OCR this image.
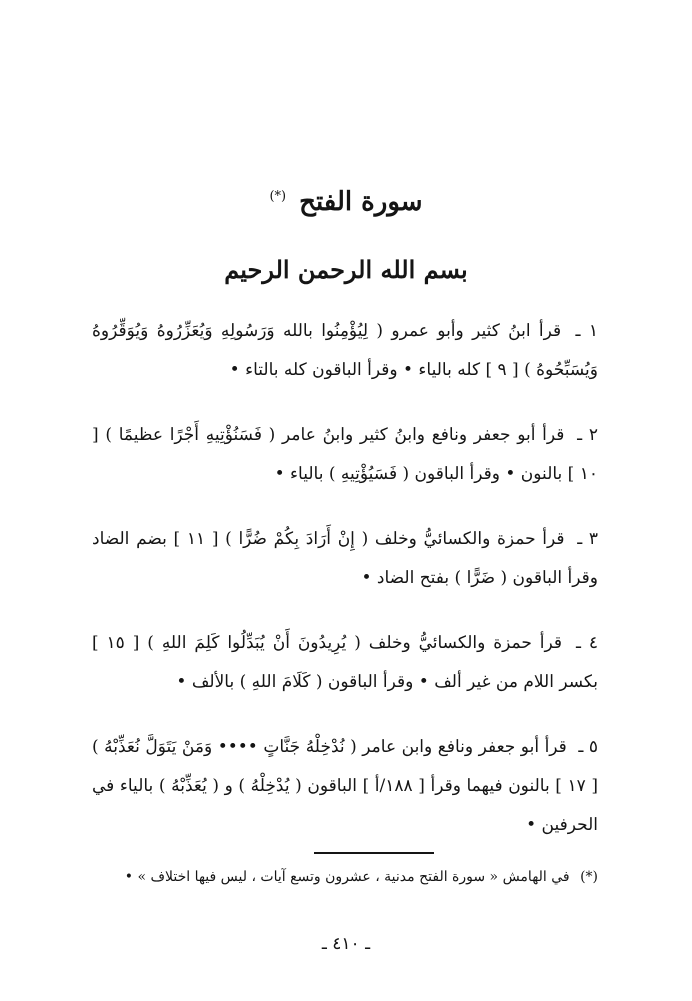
سورة الفتح (*)
بسم الله الرحمن الرحيم

١ ـ قرأ ابنُ كثير وأبو عمرو ( لِيُؤْمِنُوا بالله وَرَسُولِهِ وَيُعَزِّرُوهُ وَيُوَقِّرُوهُ وَيُسَبِّحُوهُ ) [ ٩ ] كله بالياء • وقرأ الباقون كله بالتاء •

٢ ـ قرأ أبو جعفر ونافع وابنُ كثير وابنُ عامر ( فَسَنُؤْتِيهِ أَجْرًا عظيمًا ) [ ١٠ ] بالنون • وقرأ الباقون ( فَسَيُؤْتِيهِ ) بالياء •

٣ ـ قرأ حمزة والكسائيُّ وخلف ( إِنْ أَرَادَ بِكُمْ ضُرًّا ) [ ١١ ] بضم الضاد وقرأ الباقون ( ضَرًّا ) بفتح الضاد •

٤ ـ قرأ حمزة والكسائيُّ وخلف ( يُرِيدُونَ أَنْ يُبَدِّلُوا كَلِمَ اللهِ ) [ ١٥ ] بكسر اللام من غير ألف • وقرأ الباقون ( كَلَامَ اللهِ ) بالألف •

٥ ـ قرأ أبو جعفر ونافع وابن عامر ( نُدْخِلْهُ جَنَّاتٍ •••• وَمَنْ يَتَوَلَّ نُعَذِّبْهُ ) [ ١٧ ] بالنون فيهما وقرأ [ ١٨٨/أ ] الباقون ( يُدْخِلْهُ ) و ( يُعَذِّبْهُ ) بالياء في الحرفين •

(*) في الهامش « سورة الفتح مدنية ، عشرون وتسع آيات ، ليس فيها اختلاف » •
ـ ٤١٠ ـ
